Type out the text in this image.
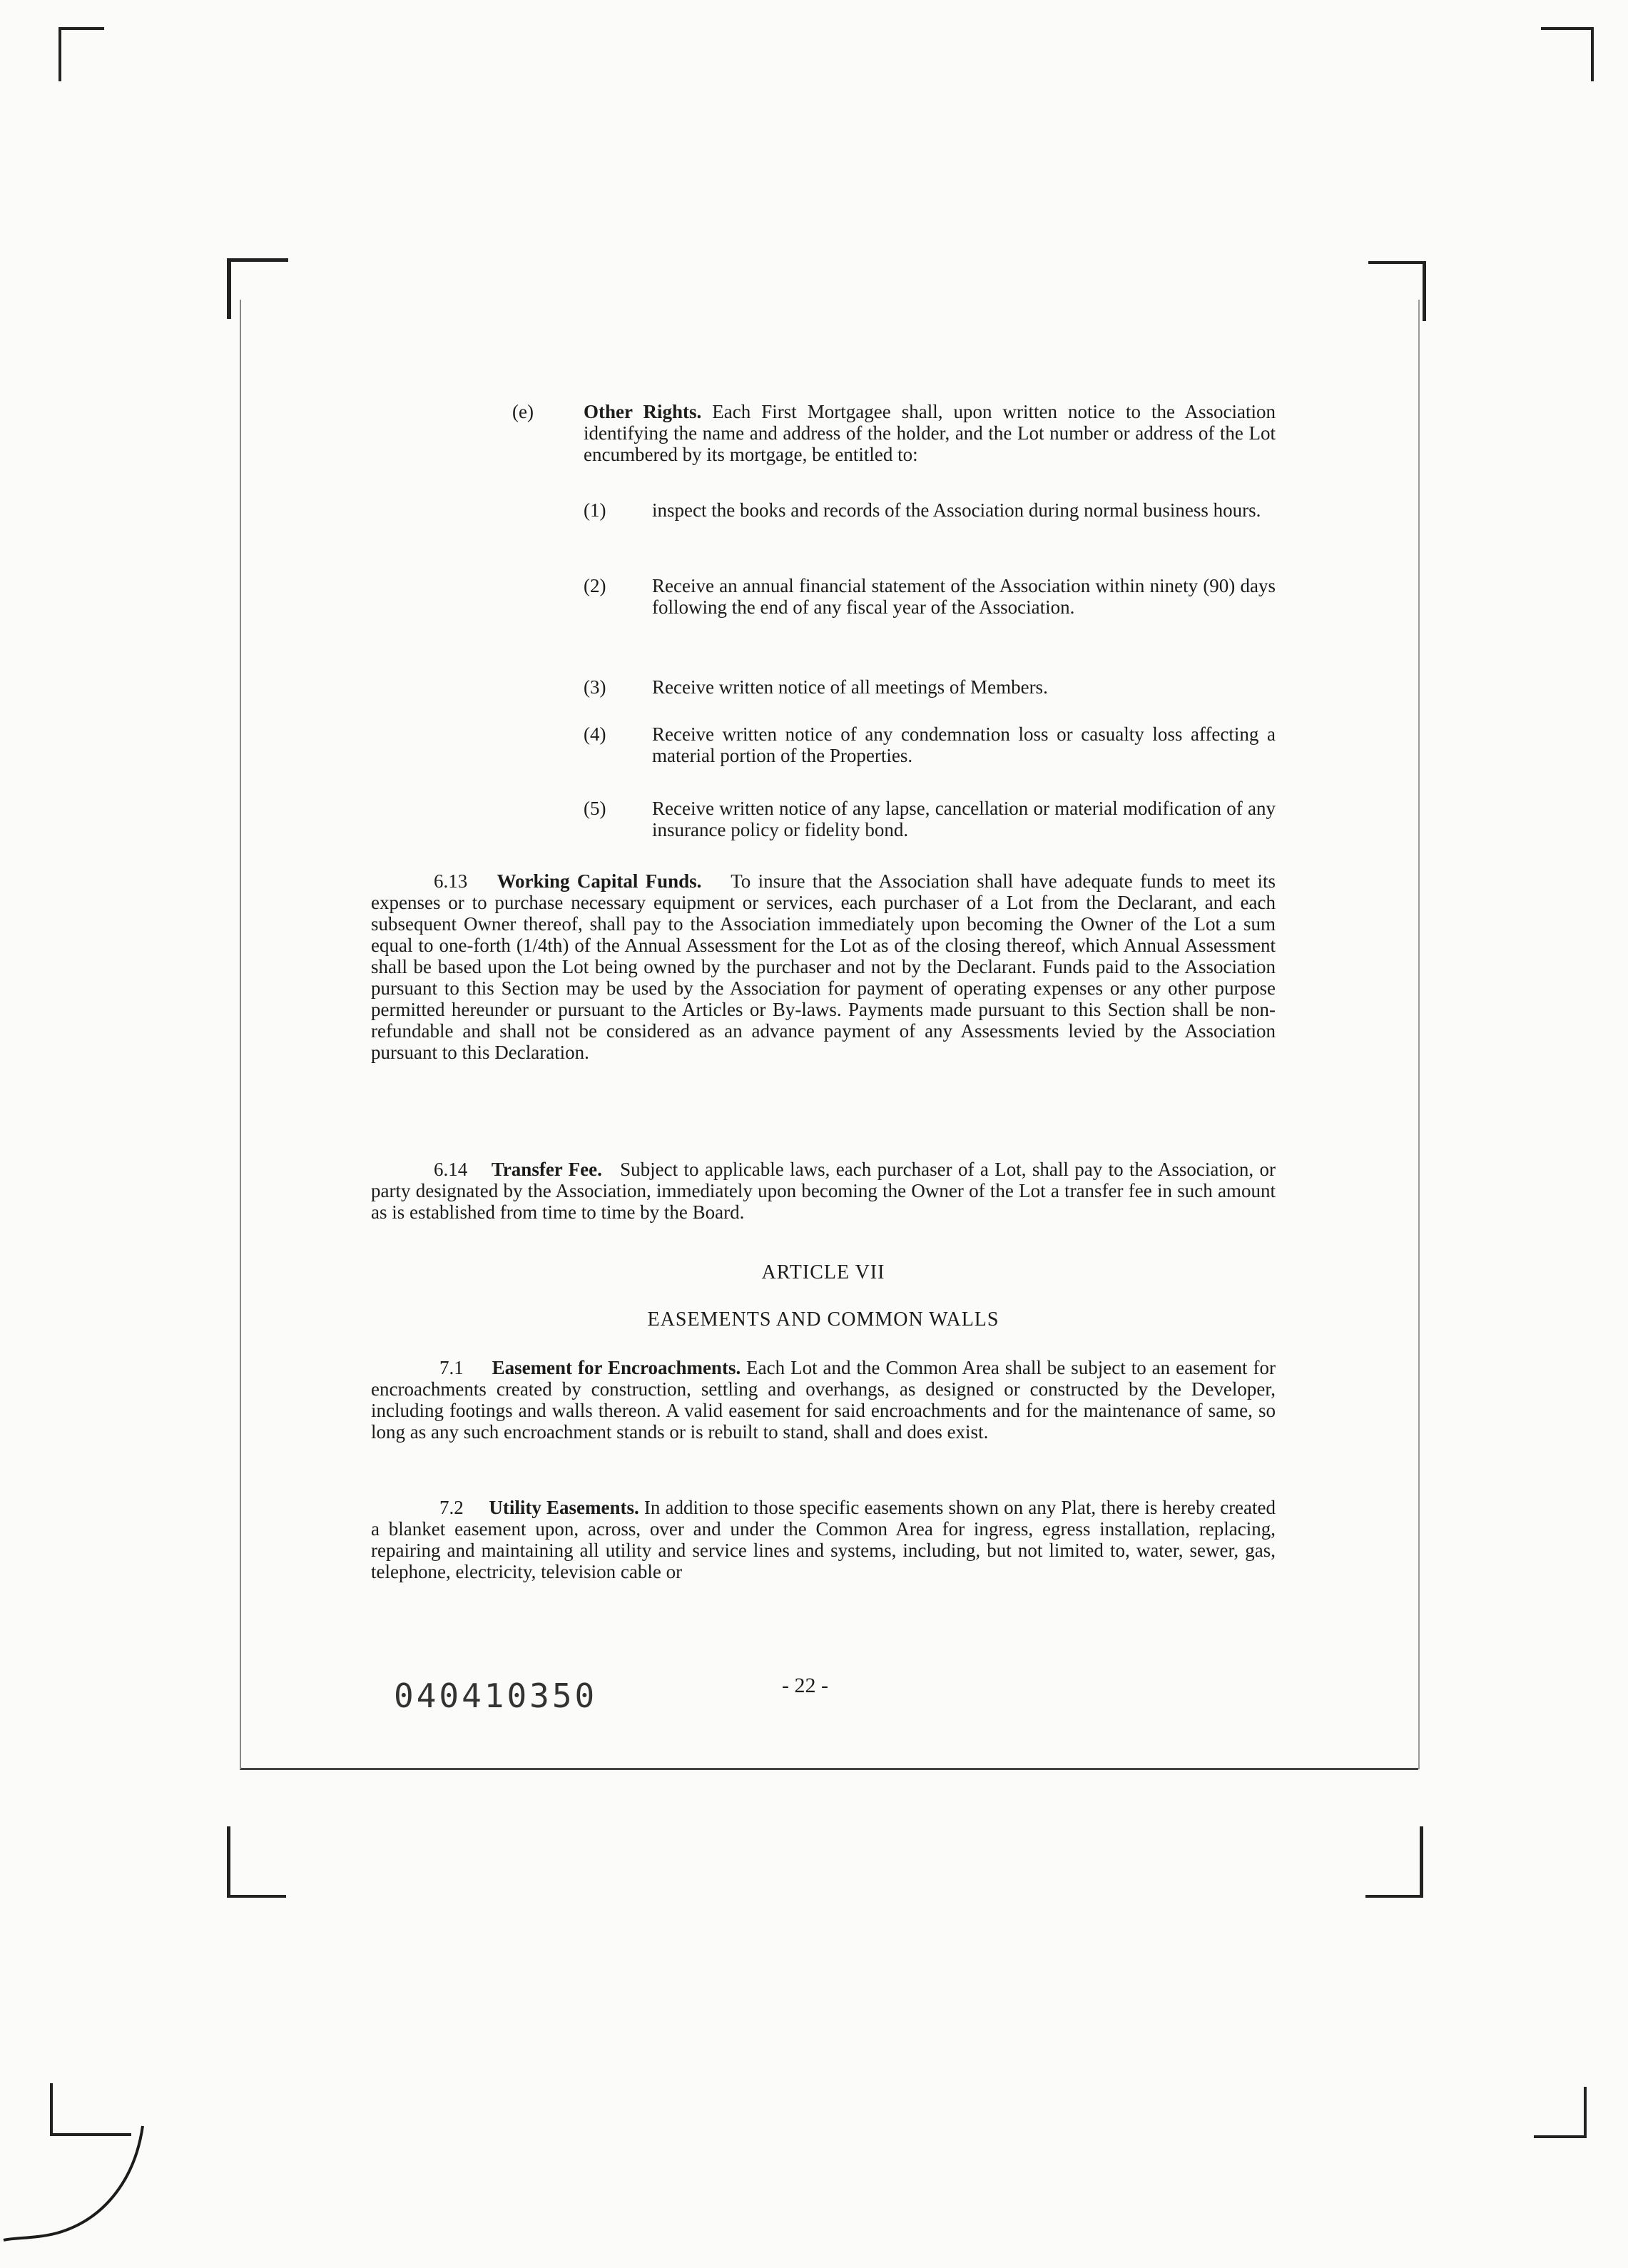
(e)	Other Rights. Each First Mortgagee shall, upon written notice to the Association identifying the name and address of the holder, and the Lot number or address of the Lot encumbered by its mortgage, be entitled to:
(1) inspect the books and records of the Association during normal business hours.
(2) Receive an annual financial statement of the Association within ninety (90) days following the end of any fiscal year of the Association.
(3) Receive written notice of all meetings of Members.
(4) Receive written notice of any condemnation loss or casualty loss affecting a material portion of the Properties.
(5) Receive written notice of any lapse, cancellation or material modification of any insurance policy or fidelity bond.
6.13 Working Capital Funds. To insure that the Association shall have adequate funds to meet its expenses or to purchase necessary equipment or services, each purchaser of a Lot from the Declarant, and each subsequent Owner thereof, shall pay to the Association immediately upon becoming the Owner of the Lot a sum equal to one-forth (1/4th) of the Annual Assessment for the Lot as of the closing thereof, which Annual Assessment shall be based upon the Lot being owned by the purchaser and not by the Declarant. Funds paid to the Association pursuant to this Section may be used by the Association for payment of operating expenses or any other purpose permitted hereunder or pursuant to the Articles or By-laws. Payments made pursuant to this Section shall be non-refundable and shall not be considered as an advance payment of any Assessments levied by the Association pursuant to this Declaration.
6.14 Transfer Fee. Subject to applicable laws, each purchaser of a Lot, shall pay to the Association, or party designated by the Association, immediately upon becoming the Owner of the Lot a transfer fee in such amount as is established from time to time by the Board.
ARTICLE VII
EASEMENTS AND COMMON WALLS
7.1 Easement for Encroachments. Each Lot and the Common Area shall be subject to an easement for encroachments created by construction, settling and overhangs, as designed or constructed by the Developer, including footings and walls thereon. A valid easement for said encroachments and for the maintenance of same, so long as any such encroachment stands or is rebuilt to stand, shall and does exist.
7.2 Utility Easements. In addition to those specific easements shown on any Plat, there is hereby created a blanket easement upon, across, over and under the Common Area for ingress, egress installation, replacing, repairing and maintaining all utility and service lines and systems, including, but not limited to, water, sewer, gas, telephone, electricity, television cable or
040410350	- 22 -
